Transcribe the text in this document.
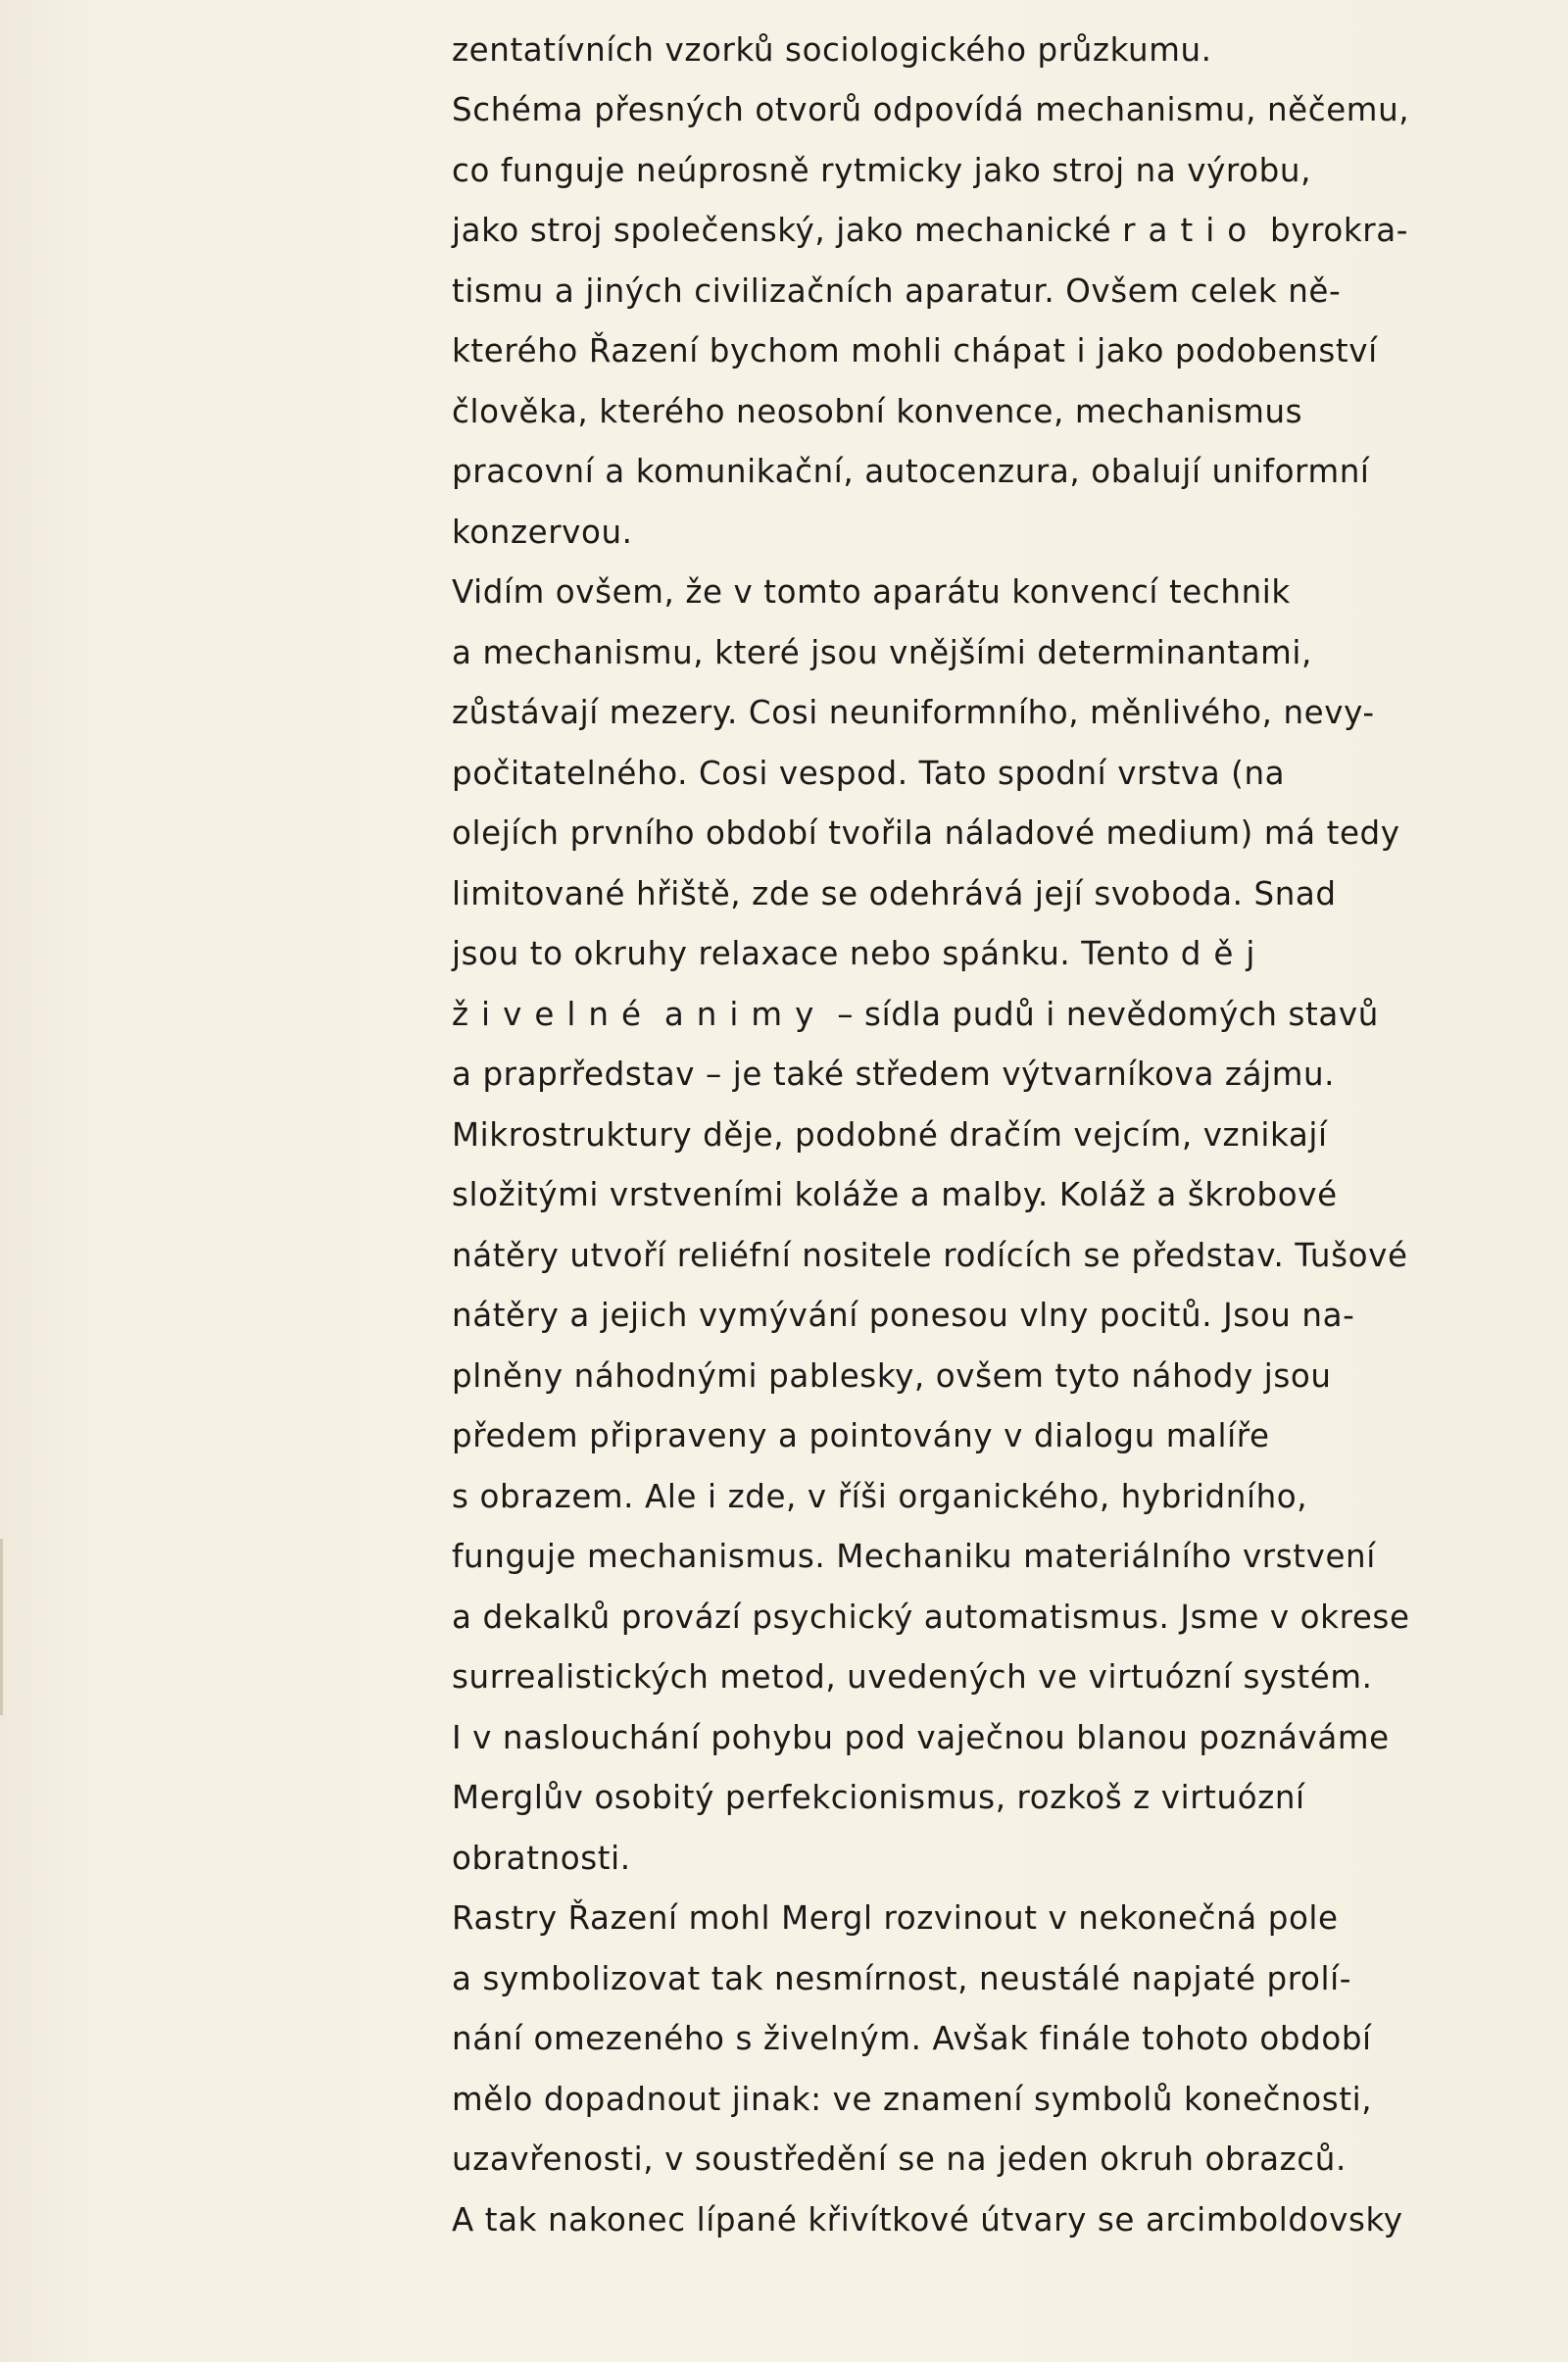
zentatívních vzorků sociologického průzkumu.
Schéma přesných otvorů odpovídá mechanismu, něčemu,
co funguje neúprosně rytmicky jako stroj na výrobu,
jako stroj společenský, jako mechanické ratio byrokra-
tismu a jiných civilizačních aparatur. Ovšem celek ně-
kterého Řazení bychom mohli chápat i jako podobenství
člověka, kterého neosobní konvence, mechanismus
pracovní a komunikační, autocenzura, obalují uniformní
konzervou.
Vidím ovšem, že v tomto aparátu konvencí technik
a mechanismu, které jsou vnějšími determinantami,
zůstávají mezery. Cosi neuniformního, měnlivého, nevy-
počitatelného. Cosi vespod. Tato spodní vrstva (na
olejích prvního období tvořila náladové medium) má tedy
limitované hřiště, zde se odehrává její svoboda. Snad
jsou to okruhy relaxace nebo spánku. Tento děj
živelné animy – sídla pudů i nevědomých stavů
a praprředstav – je také středem výtvarníkova zájmu.
Mikrostruktury děje, podobné dračím vejcím, vznikají
složitými vrstveními koláže a malby. Koláž a škrobové
nátěry utvoří reliéfní nositele rodících se představ. Tušové
nátěry a jejich vymývání ponesou vlny pocitů. Jsou na-
plněny náhodnými pablesky, ovšem tyto náhody jsou
předem připraveny a pointovány v dialogu malíře
s obrazem. Ale i zde, v říši organického, hybridního,
funguje mechanismus. Mechaniku materiálního vrstvení
a dekalků provází psychický automatismus. Jsme v okrese
surrealistických metod, uvedených ve virtuózní systém.
I v naslouchání pohybu pod vaječnou blanou poznáváme
Merglův osobitý perfekcionismus, rozkoš z virtuózní
obratnosti.
Rastry Řazení mohl Mergl rozvinout v nekonečná pole
a symbolizovat tak nesmírnost, neustálé napjaté prolí-
nání omezeného s živelným. Avšak finále tohoto období
mělo dopadnout jinak: ve znamení symbolů konečnosti,
uzavřenosti, v soustředění se na jeden okruh obrazců.
A tak nakonec lípané křivítkové útvary se arcimboldovsky
